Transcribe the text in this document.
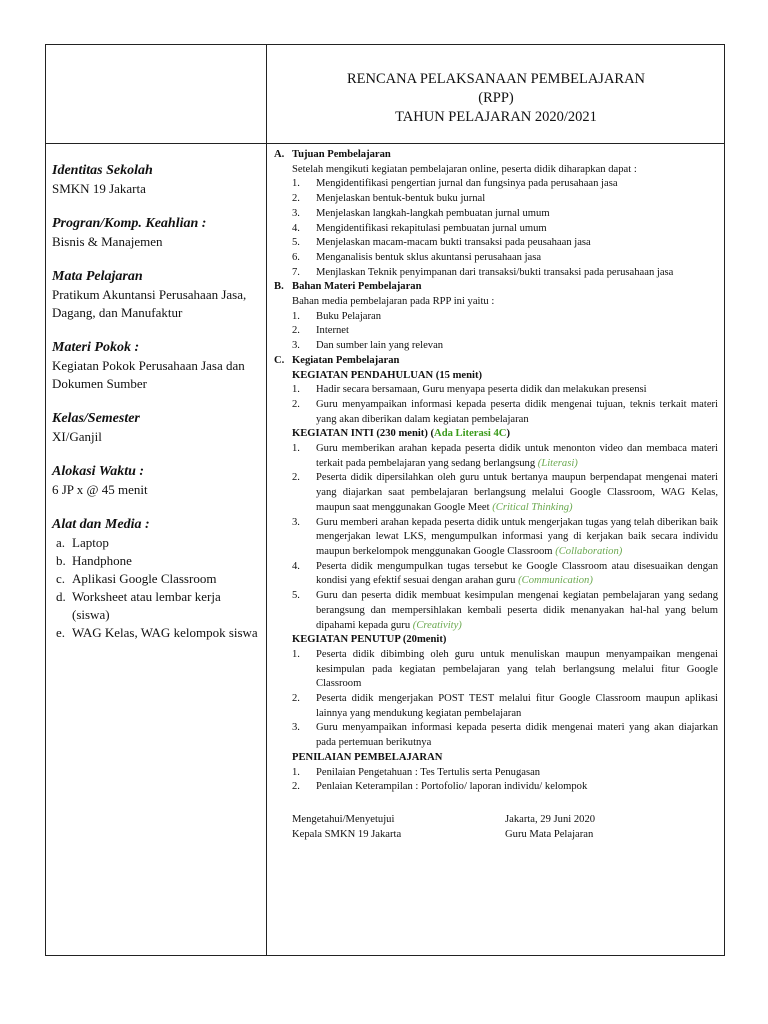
RENCANA PELAKSANAAN PEMBELAJARAN
(RPP)
TAHUN PELAJARAN 2020/2021
Identitas Sekolah
SMKN 19 Jakarta
Progran/Komp. Keahlian :
Bisnis & Manajemen
Mata Pelajaran
Pratikum Akuntansi Perusahaan Jasa, Dagang, dan Manufaktur
Materi Pokok :
Kegiatan Pokok Perusahaan Jasa dan Dokumen Sumber
Kelas/Semester
XI/Ganjil
Alokasi Waktu :
6 JP x @ 45 menit
Alat dan Media :
a. Laptop
b. Handphone
c. Aplikasi Google Classroom
d. Worksheet atau lembar kerja (siswa)
e. WAG Kelas, WAG kelompok siswa
A. Tujuan Pembelajaran
Setelah mengikuti kegiatan pembelajaran online, peserta didik diharapkan dapat :
1. Mengidentifikasi pengertian jurnal dan fungsinya pada perusahaan jasa
2. Menjelaskan bentuk-bentuk buku jurnal
3. Menjelaskan langkah-langkah pembuatan jurnal umum
4. Mengidentifikasi rekapitulasi pembuatan jurnal umum
5. Menjelaskan macam-macam bukti transaksi pada peusahaan jasa
6. Menganalisis bentuk sklus akuntansi perusahaan jasa
7. Menjlaskan Teknik penyimpanan dari transaksi/bukti transaksi pada perusahaan jasa
B. Bahan Materi Pembelajaran
Bahan media pembelajaran pada RPP ini yaitu :
1. Buku Pelajaran
2. Internet
3. Dan sumber lain yang relevan
C. Kegiatan Pembelajaran
KEGIATAN PENDAHULUAN (15 menit)
1. Hadir secara bersamaan, Guru menyapa peserta didik dan melakukan presensi
2. Guru menyampaikan informasi kepada peserta didik mengenai tujuan, teknis terkait materi yang akan diberikan dalam kegiatan pembelajaran
KEGIATAN INTI (230 menit) (Ada Literasi 4C)
1. Guru memberikan arahan kepada peserta didik untuk menonton video dan membaca materi terkait pada pembelajaran yang sedang berlangsung (Literasi)
2. Peserta didik dipersilahkan oleh guru untuk bertanya maupun berpendapat mengenai materi yang diajarkan saat pembelajaran berlangsung melalui Google Classroom, WAG Kelas, maupun saat menggunakan Google Meet (Critical Thinking)
3. Guru memberi arahan kepada peserta didik untuk mengerjakan tugas yang telah diberikan baik mengerjakan lewat LKS, mengumpulkan informasi yang di kerjakan baik secara individu maupun berkelompok menggunakan Google Classroom (Collaboration)
4. Peserta didik mengumpulkan tugas tersebut ke Google Classroom atau disesuaikan dengan kondisi yang efektif sesuai dengan arahan guru (Communication)
5. Guru dan peserta didik membuat kesimpulan mengenai kegiatan pembelajaran yang sedang berangsung dan mempersihlakan kembali peserta didik menanyakan hal-hal yang belum dipahami kepada guru (Creativity)
KEGIATAN PENUTUP (20menit)
1. Peserta didik dibimbing oleh guru untuk menuliskan maupun menyampaikan mengenai kesimpulan pada kegiatan pembelajaran yang telah berlangsung melalui fitur Google Classroom
2. Peserta didik mengerjakan POST TEST melalui fitur Google Classroom maupun aplikasi lainnya yang mendukung kegiatan pembelajaran
3. Guru menyampaikan informasi kepada peserta didik mengenai materi yang akan diajarkan pada pertemuan berikutnya
PENILAIAN PEMBELAJARAN
1. Penilaian Pengetahuan : Tes Tertulis serta Penugasan
2. Penlaian Keterampilan : Portofolio/ laporan individu/ kelompok
Mengetahui/Menyetujui
Kepala SMKN 19 Jakarta
Jakarta, 29 Juni 2020
Guru Mata Pelajaran
